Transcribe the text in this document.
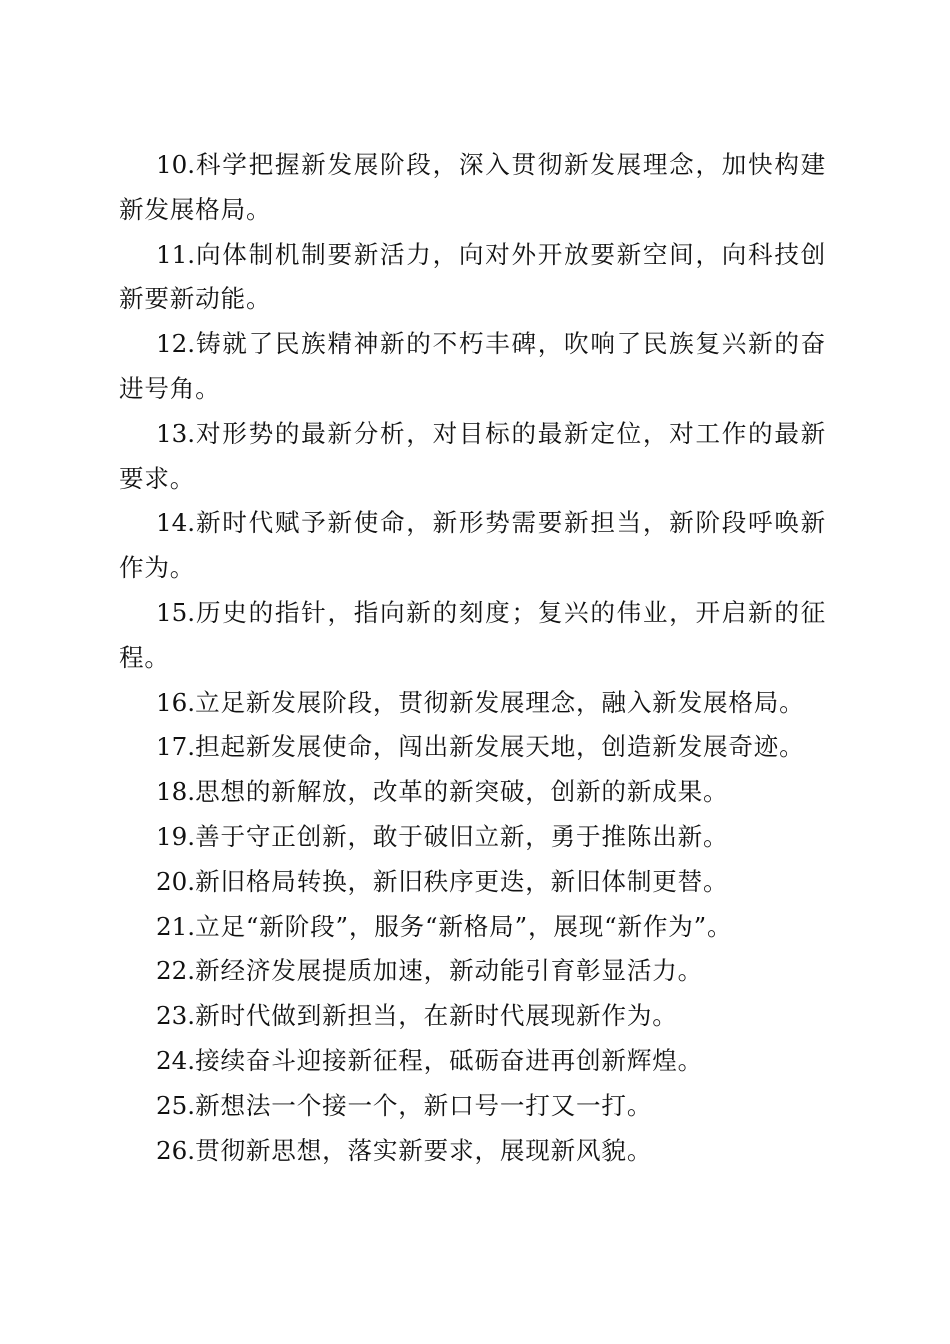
10.科学把握新发展阶段，深入贯彻新发展理念，加快构建新发展格局。

11.向体制机制要新活力，向对外开放要新空间，向科技创新要新动能。

12.铸就了民族精神新的不朽丰碑，吹响了民族复兴新的奋进号角。

13.对形势的最新分析，对目标的最新定位，对工作的最新要求。

14.新时代赋予新使命，新形势需要新担当，新阶段呼唤新作为。

15.历史的指针，指向新的刻度；复兴的伟业，开启新的征程。

16.立足新发展阶段，贯彻新发展理念，融入新发展格局。

17.担起新发展使命，闯出新发展天地，创造新发展奇迹。

18.思想的新解放，改革的新突破，创新的新成果。

19.善于守正创新，敢于破旧立新，勇于推陈出新。

20.新旧格局转换，新旧秩序更迭，新旧体制更替。

21.立足“新阶段”，服务“新格局”，展现“新作为”。

22.新经济发展提质加速，新动能引育彰显活力。

23.新时代做到新担当，在新时代展现新作为。

24.接续奋斗迎接新征程，砥砺奋进再创新辉煌。

25.新想法一个接一个，新口号一打又一打。

26.贯彻新思想，落实新要求，展现新风貌。
